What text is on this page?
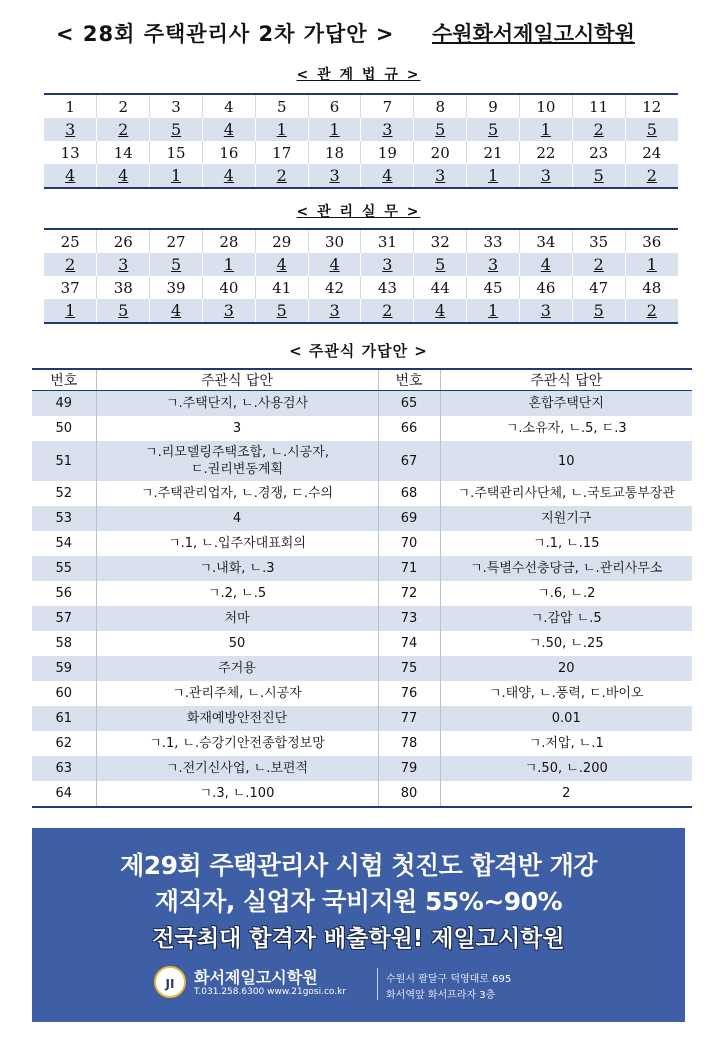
< 28회 주택관리사 2차 가답안 > 수원화서제일고시학원
< 관 계 법 규 >
1	2	3	4	5	6	7	8	9	10	11	12
3	2	5	4	1	1	3	5	5	1	2	5
13	14	15	16	17	18	19	20	21	22	23	24
4	4	1	4	2	3	4	3	1	3	5	2
< 관 리 실 무 >
25	26	27	28	29	30	31	32	33	34	35	36
2	3	5	1	4	4	3	5	3	4	2	1
37	38	39	40	41	42	43	44	45	46	47	48
1	5	4	3	5	3	2	4	1	3	5	2
< 주관식 가답안 >
번호	주관식 답안	번호	주관식 답안
49	ㄱ.주택단지, ㄴ.사용검사	65	혼합주택단지
50	3	66	ㄱ.소유자, ㄴ.5, ㄷ.3
51	ㄱ.리모델링주택조합, ㄴ.시공자,
ㄷ.권리변동계획	67	10
52	ㄱ.주택관리업자, ㄴ.경쟁, ㄷ.수의	68	ㄱ.주택관리사단체, ㄴ.국토교통부장관
53	4	69	지원기구
54	ㄱ.1, ㄴ.입주자대표회의	70	ㄱ.1, ㄴ.15
55	ㄱ.내화, ㄴ.3	71	ㄱ.특별수선충당금, ㄴ.관리사무소
56	ㄱ.2, ㄴ.5	72	ㄱ.6, ㄴ.2
57	처마	73	ㄱ.감압 ㄴ.5
58	50	74	ㄱ.50, ㄴ.25
59	주거용	75	20
60	ㄱ.관리주체, ㄴ.시공자	76	ㄱ.태양, ㄴ.풍력, ㄷ.바이오
61	화재예방안전진단	77	0.01
62	ㄱ.1, ㄴ.승강기안전종합정보망	78	ㄱ.저압, ㄴ.1
63	ㄱ.전기신사업, ㄴ.보편적	79	ㄱ.50, ㄴ.200
64	ㄱ.3, ㄴ.100	80	2
제29회 주택관리사 시험 첫진도 합격반 개강
재직자, 실업자 국비지원 55%~90%
전국최대 합격자 배출학원! 제일고시학원
JI	화서제일고시학원
T.031.258.6300 www.21gosi.co.kr
수원시 팔달구 덕영대로 695
화서역앞 화서프라자 3층
